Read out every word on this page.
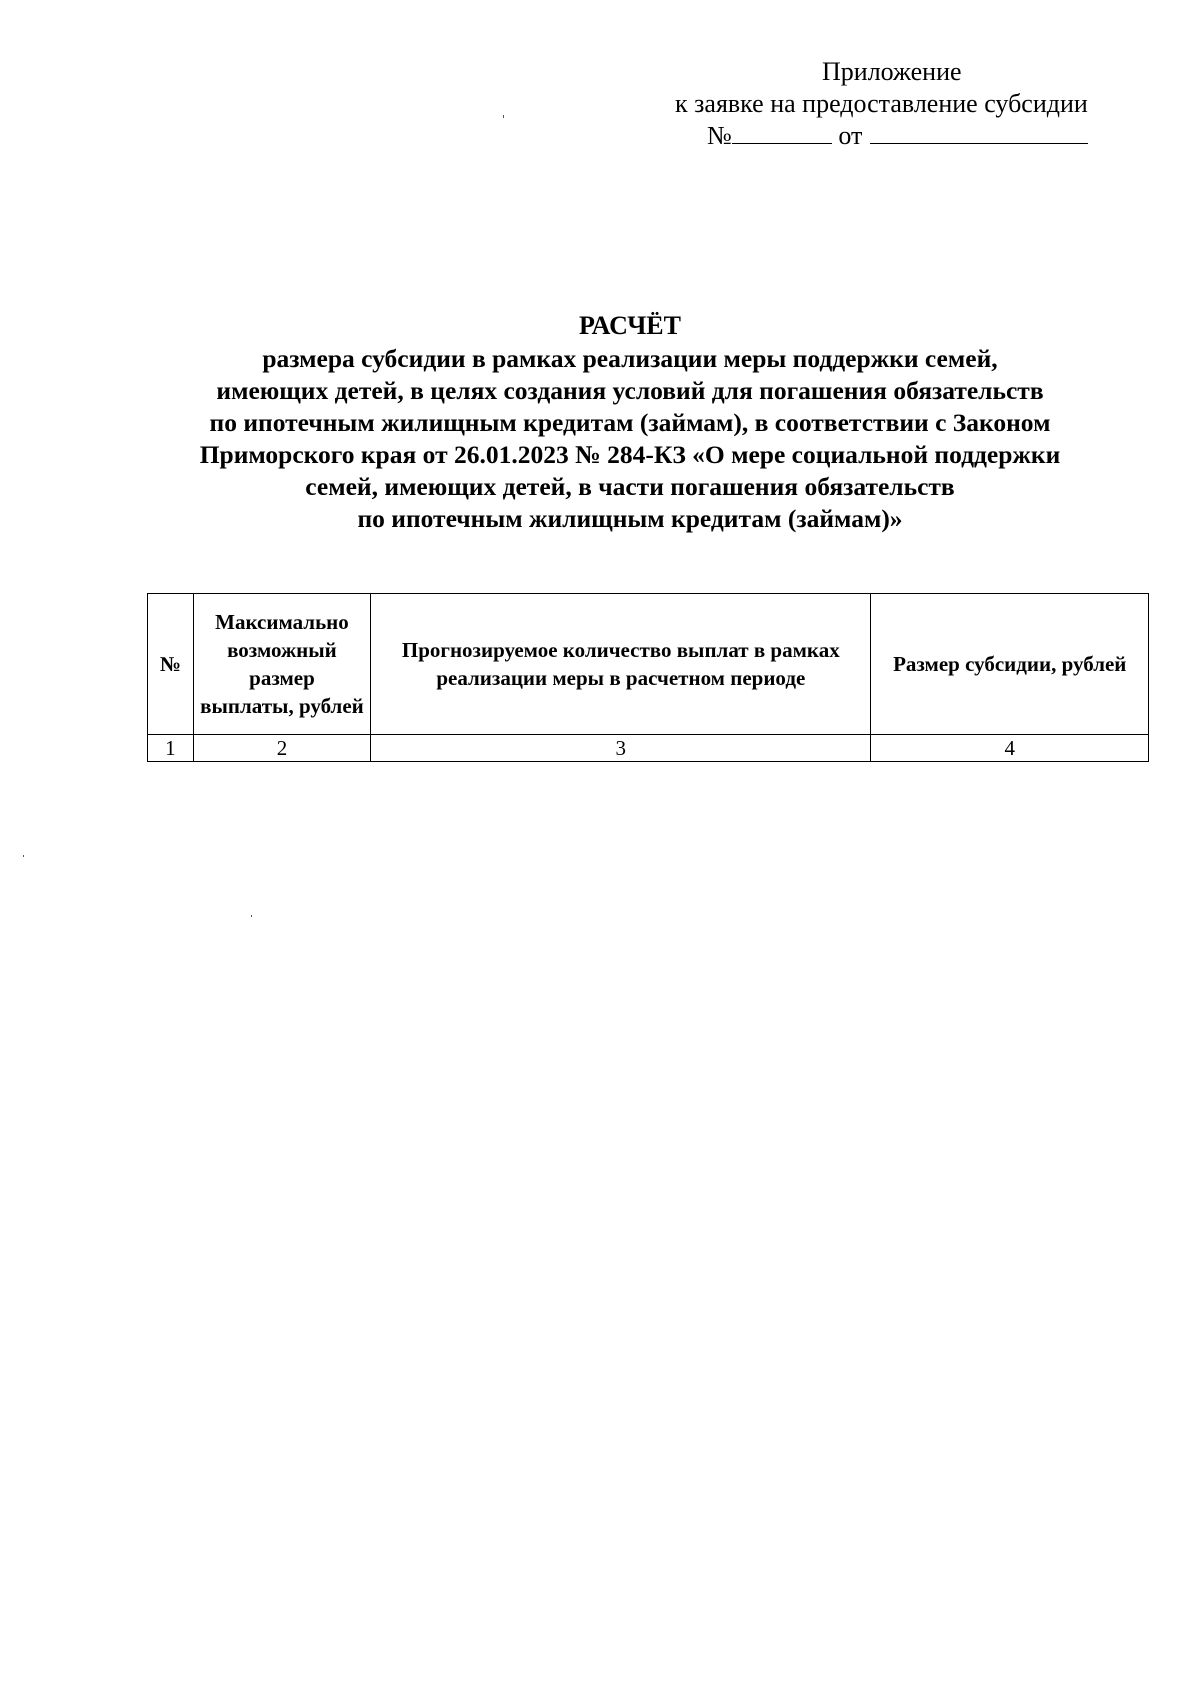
Приложение
к заявке на предоставление субсидии
№	от
РАСЧЁТ
размера субсидии в рамках реализации меры поддержки семей,
имеющих детей, в целях создания условий для погашения обязательств
по ипотечным жилищным кредитам (займам), в соответствии с Законом
Приморского края от 26.01.2023 № 284-КЗ «О мере социальной поддержки
семей, имеющих детей, в части погашения обязательств
по ипотечным жилищным кредитам (займам)»
№	Максимально возможный размер выплаты, рублей	Прогнозируемое количество выплат в рамках реализации меры в расчетном периоде	Размер субсидии, рублей
1	2	3	4
